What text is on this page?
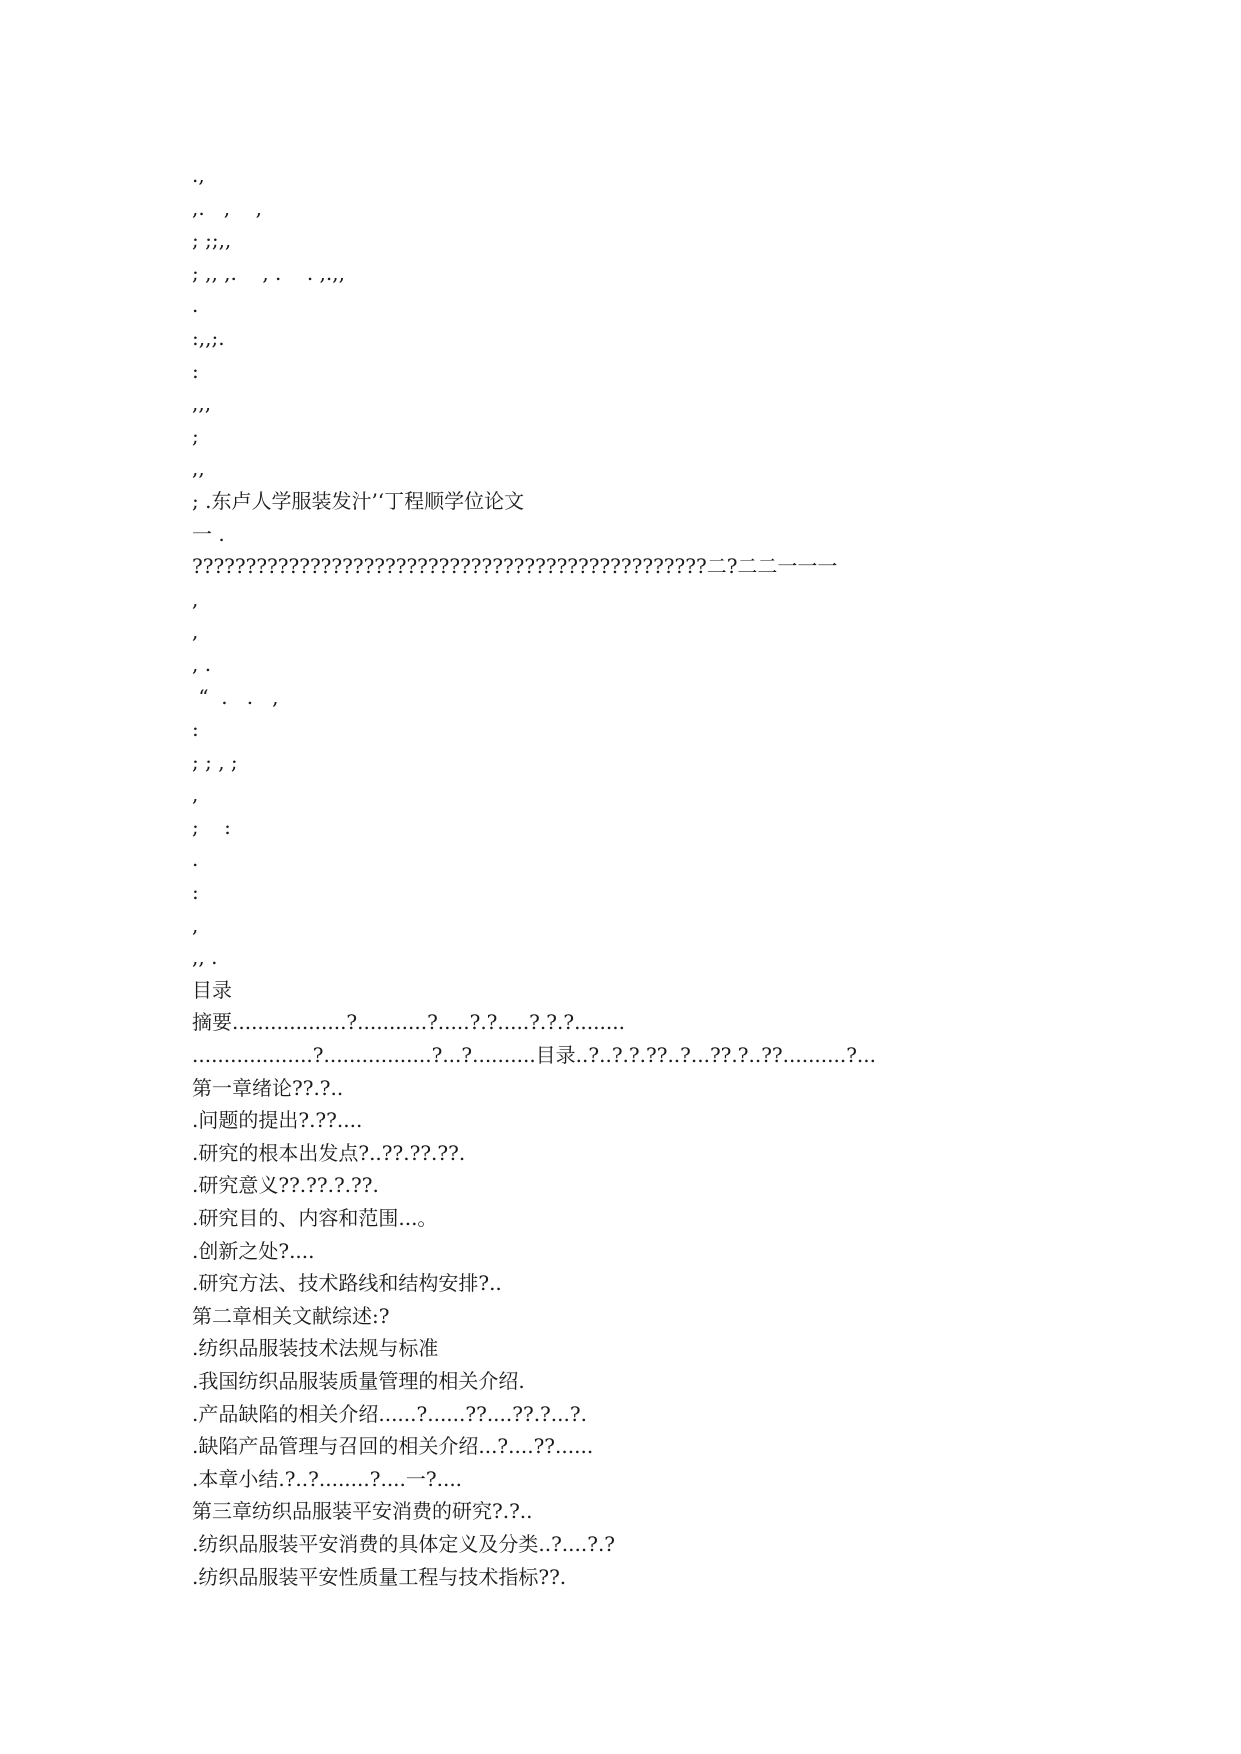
.,
,.   ,    ,
; ;;,,
; ,, ,.    , .    . ,.,,
.
:,,;.
:
,,,
;
,,
; .东卢人学服装发汁’‘丁程顺学位论文
一 .
????????????????????????????????????????????????二?二二一一一
,
,
, .
“  .   .   ,
:
; ; , ;
,
;    :
.
:
,
,, .
目录
摘要..................?...........?.....?.?.....?.?.?........
...................?.................?...?..........目录..?..?.?.??..?...??.?..??..........?...
第一章绪论??.?..
.问题的提出?.??....
.研究的根本出发点?..??.??.??.
.研究意义??.??.?.??.
.研究目的、内容和范围...。
.创新之处?....
.研究方法、技术路线和结构安排?..
第二章相关文献综述:?
.纺织品服装技术法规与标准
.我国纺织品服装质量管理的相关介绍.
.产品缺陷的相关介绍......?......??....??.?...?.
.缺陷产品管理与召回的相关介绍...?....??......
.本章小结.?..?........?....一?....
第三章纺织品服装平安消费的研究?.?..
.纺织品服装平安消费的具体定义及分类..?....?.?
.纺织品服装平安性质量工程与技术指标??.
